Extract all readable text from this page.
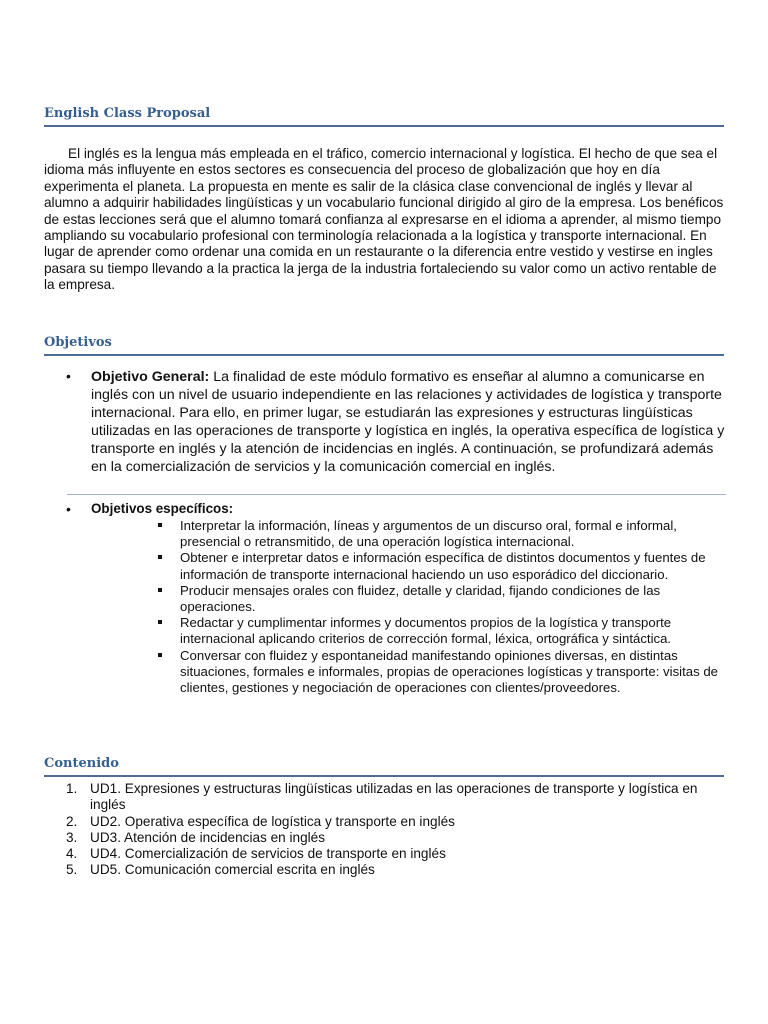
English Class Proposal

El inglés es la lengua más empleada en el tráfico, comercio internacional y logística. El hecho de que sea el idioma más influyente en estos sectores es consecuencia del proceso de globalización que hoy en día experimenta el planeta. La propuesta en mente es salir de la clásica clase convencional de inglés y llevar al alumno a adquirir habilidades lingüísticas y un vocabulario funcional dirigido al giro de la empresa. Los benéficos de estas lecciones será que el alumno tomará confianza al expresarse en el idioma a aprender, al mismo tiempo ampliando su vocabulario profesional con terminología relacionada a la logística y transporte internacional. En lugar de aprender como ordenar una comida en un restaurante o la diferencia entre vestido y vestirse en ingles pasara su tiempo llevando a la practica la jerga de la industria fortaleciendo su valor como un activo rentable de la empresa.

Objetivos
• Objetivo General: La finalidad de este módulo formativo es enseñar al alumno a comunicarse en inglés con un nivel de usuario independiente en las relaciones y actividades de logística y transporte internacional. Para ello, en primer lugar, se estudiarán las expresiones y estructuras lingüísticas utilizadas en las operaciones de transporte y logística en inglés, la operativa específica de logística y transporte en inglés y la atención de incidencias en inglés. A continuación, se profundizará además en la comercialización de servicios y la comunicación comercial en inglés.
• Objetivos específicos:
Interpretar la información, líneas y argumentos de un discurso oral, formal e informal, presencial o retransmitido, de una operación logística internacional.
Obtener e interpretar datos e información específica de distintos documentos y fuentes de información de transporte internacional haciendo un uso esporádico del diccionario.
Producir mensajes orales con fluidez, detalle y claridad, fijando condiciones de las operaciones.
Redactar y cumplimentar informes y documentos propios de la logística y transporte internacional aplicando criterios de corrección formal, léxica, ortográfica y sintáctica.
Conversar con fluidez y espontaneidad manifestando opiniones diversas, en distintas situaciones, formales e informales, propias de operaciones logísticas y transporte: visitas de clientes, gestiones y negociación de operaciones con clientes/proveedores.
Contenido
1. UD1. Expresiones y estructuras lingüísticas utilizadas en las operaciones de transporte y logística en inglés
2. UD2. Operativa específica de logística y transporte en inglés
3. UD3. Atención de incidencias en inglés
4. UD4. Comercialización de servicios de transporte en inglés
5. UD5. Comunicación comercial escrita en inglés
